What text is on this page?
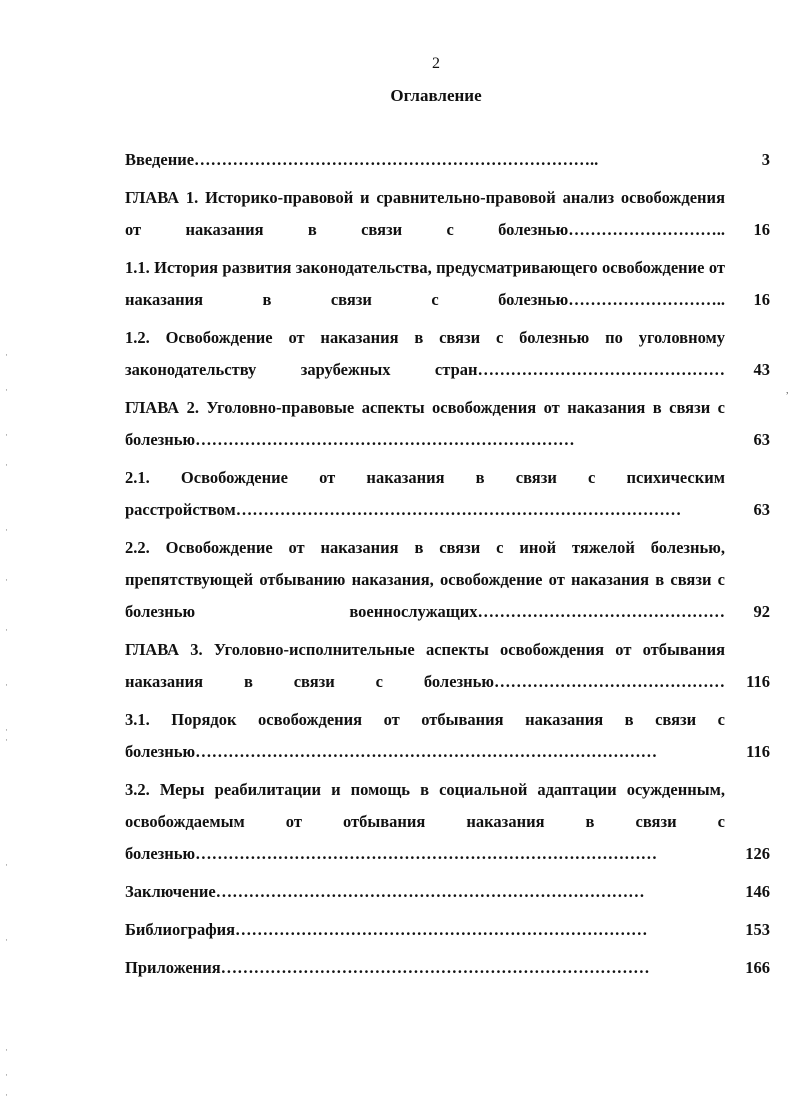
2
Оглавление
Введение………………………………………………………………..	3
ГЛАВА 1. Историко-правовой и сравнительно-правовой анализ освобождения от наказания в связи с болезнью………………………..	16
1.1. История развития законодательства, предусматривающего освобождение от наказания в связи с болезнью………………………..	16
1.2. Освобождение от наказания в связи с болезнью по уголовному законодательству зарубежных стран………………………………………	43
ГЛАВА 2. Уголовно-правовые аспекты освобождения от наказания в связи с болезнью……………………………………………………………	63
2.1. Освобождение от наказания в связи с психическим расстройством………………………………………………………………………	63
2.2. Освобождение от наказания в связи с иной тяжелой болезнью, препятствующей отбыванию наказания, освобождение от наказания в связи с болезнью военнослужащих………………………………………	92
ГЛАВА 3. Уголовно-исполнительные аспекты освобождения от отбывания наказания в связи с болезнью……………………………………	116
3.1. Порядок освобождения от отбывания наказания в связи с болезнью…………………………………………………………………………	116
3.2. Меры реабилитации и помощь в социальной адаптации осужденным, освобождаемым от отбывания наказания в связи с болезнью…………………………………………………………………………	126
Заключение……………………………………………………………………	146
Библиография…………………………………………………………………	153
Приложения……………………………………………………………………	166
·
·
·
·
·
·
·
·
·
·
·
·
·
·
·
,
